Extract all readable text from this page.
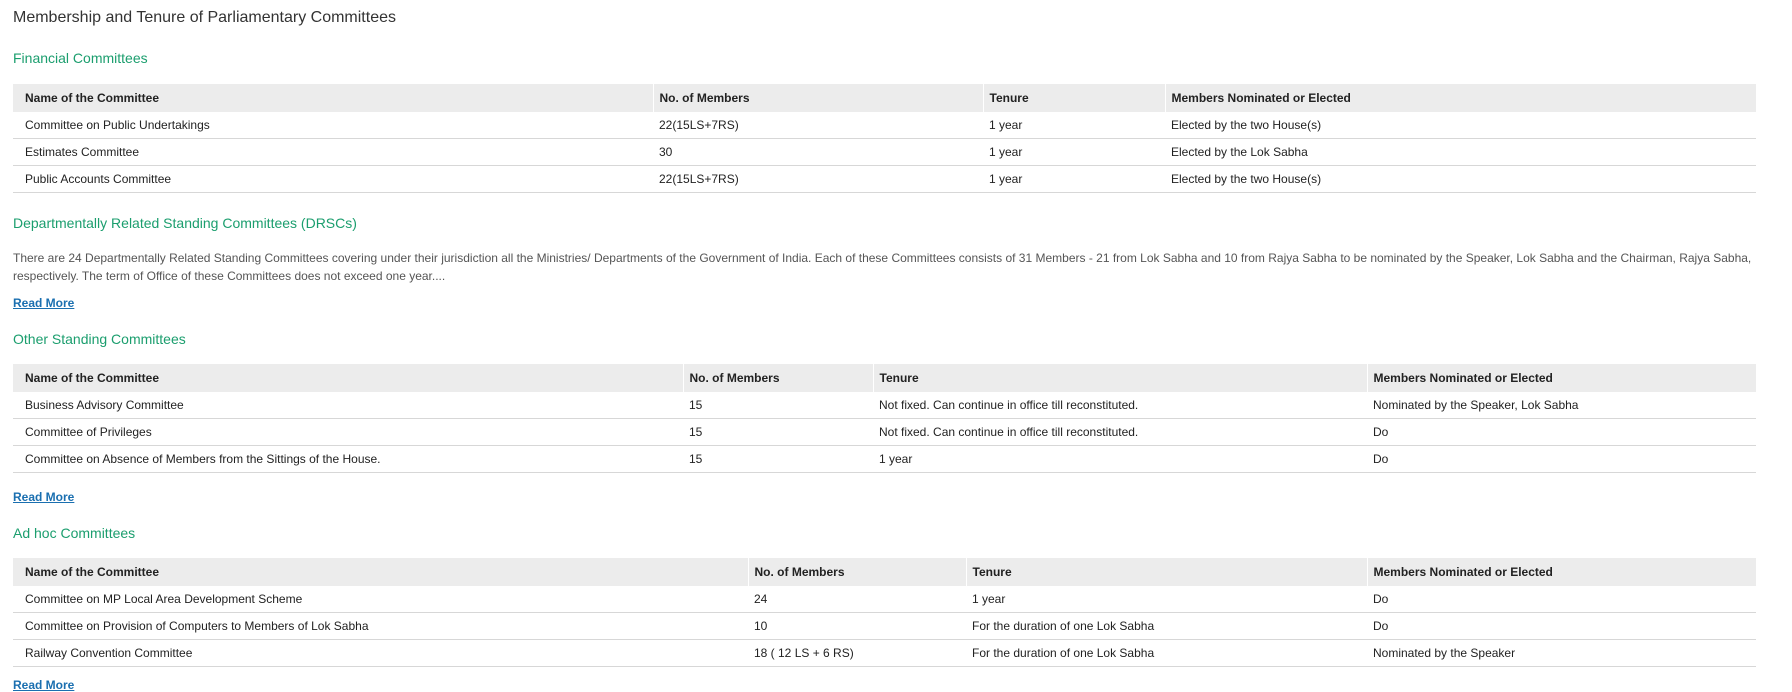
Membership and Tenure of Parliamentary Committees
Financial Committees
Name of the Committee	No. of Members	Tenure	Members Nominated or Elected
Committee on Public Undertakings	22(15LS+7RS)	1 year	Elected by the two House(s)
Estimates Committee	30	1 year	Elected by the Lok Sabha
Public Accounts Committee	22(15LS+7RS)	1 year	Elected by the two House(s)
Departmentally Related Standing Committees (DRSCs)
There are 24 Departmentally Related Standing Committees covering under their jurisdiction all the Ministries/ Departments of the Government of India. Each of these Committees consists of 31 Members - 21 from Lok Sabha and 10 from Rajya Sabha to be nominated by the Speaker, Lok Sabha and the Chairman, Rajya Sabha, respectively. The term of Office of these Committees does not exceed one year....
Read More
Other Standing Committees
Name of the Committee	No. of Members	Tenure	Members Nominated or Elected
Business Advisory Committee	15	Not fixed. Can continue in office till reconstituted.	Nominated by the Speaker, Lok Sabha
Committee of Privileges	15	Not fixed. Can continue in office till reconstituted.	Do
Committee on Absence of Members from the Sittings of the House.	15	1 year	Do
Read More
Ad hoc Committees
Name of the Committee	No. of Members	Tenure	Members Nominated or Elected
Committee on MP Local Area Development Scheme	24	1 year	Do
Committee on Provision of Computers to Members of Lok Sabha	10	For the duration of one Lok Sabha	Do
Railway Convention Committee	18 ( 12 LS + 6 RS)	For the duration of one Lok Sabha	Nominated by the Speaker
Read More
